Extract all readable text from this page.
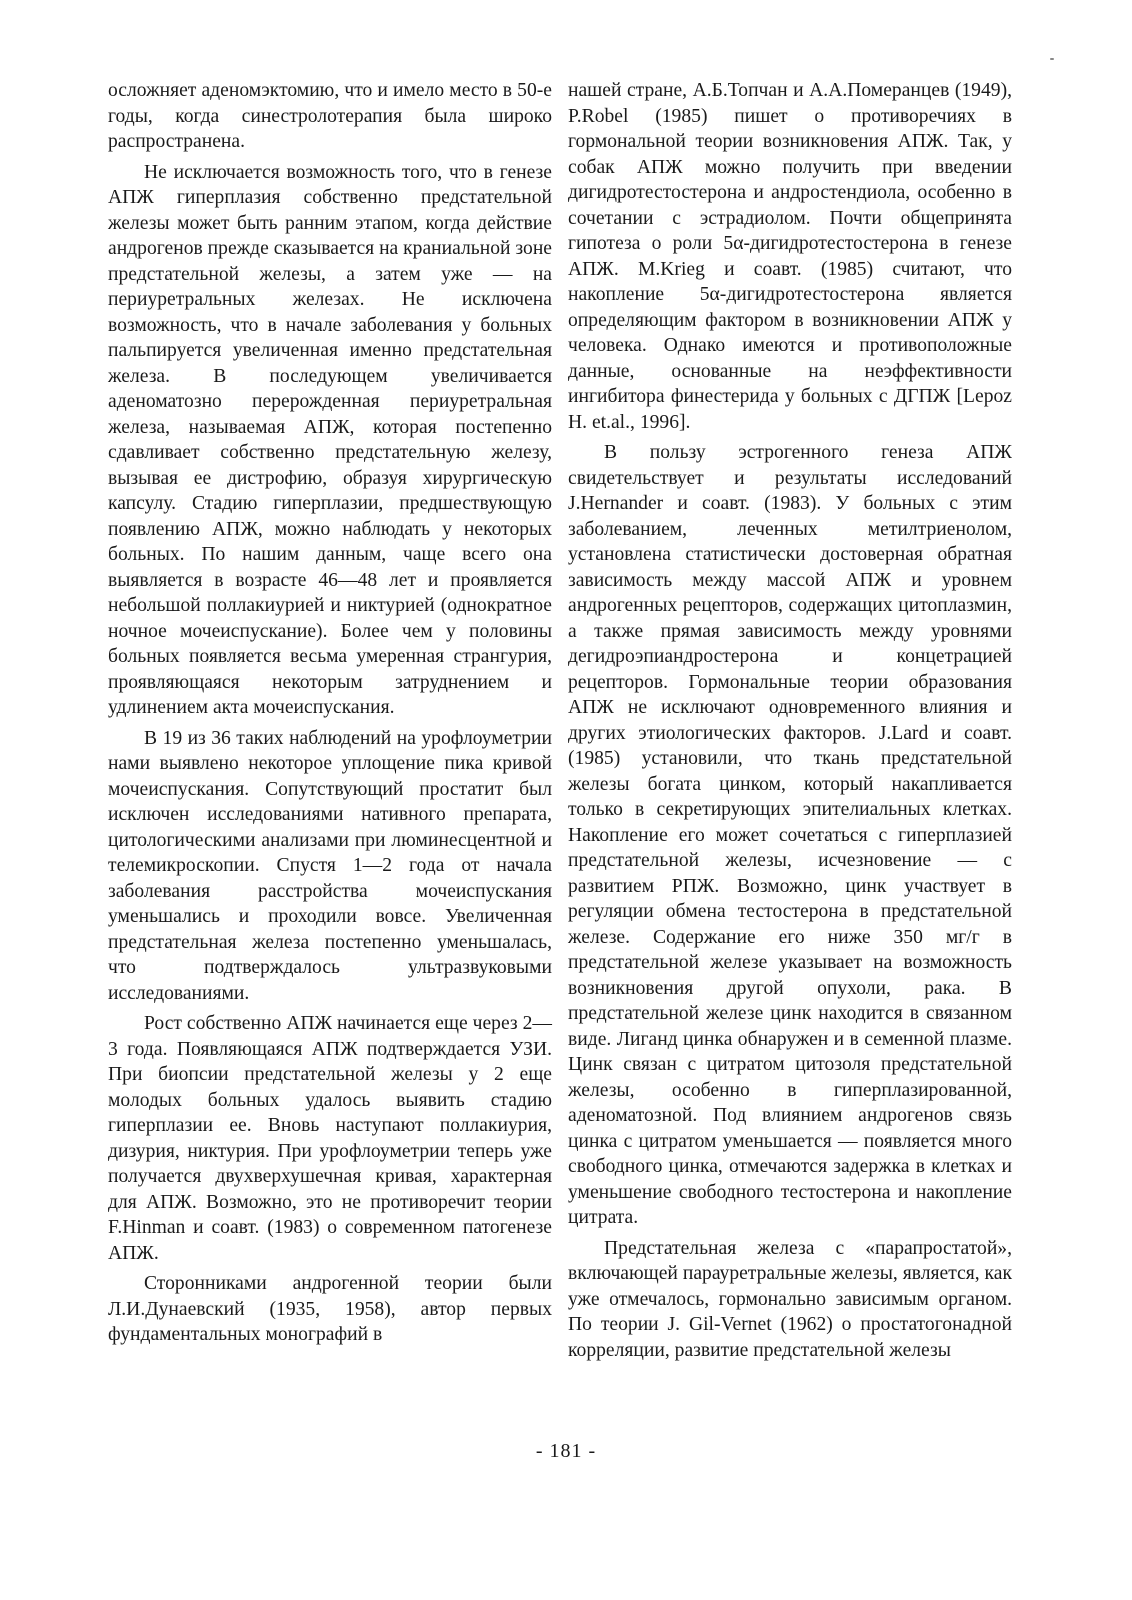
осложняет аденомэктомию, что и имело место в 50-е годы, когда синестролотерапия была широко распространена.

Не исключается возможность того, что в генезе АПЖ гиперплазия собственно предстательной железы может быть ранним этапом, когда действие андрогенов прежде сказывается на краниальной зоне предстательной железы, а затем уже — на периуретральных железах. Не исключена возможность, что в начале заболевания у больных пальпируется увеличенная именно предстательная железа. В последующем увеличивается аденоматозно перерожденная периуретральная железа, называемая АПЖ, которая постепенно сдавливает собственно предстательную железу, вызывая ее дистрофию, образуя хирургическую капсулу. Стадию гиперплазии, предшествующую появлению АПЖ, можно наблюдать у некоторых больных. По нашим данным, чаще всего она выявляется в возрасте 46—48 лет и проявляется небольшой поллакиурией и никтурией (однократное ночное мочеиспускание). Более чем у половины больных появляется весьма умеренная странгурия, проявляющаяся некоторым затруднением и удлинением акта мочеиспускания.

В 19 из 36 таких наблюдений на урофлоуметрии нами выявлено некоторое уплощение пика кривой мочеиспускания. Сопутствующий простатит был исключен исследованиями нативного препарата, цитологическими анализами при люминесцентной и телемикроскопии. Спустя 1—2 года от начала заболевания расстройства мочеиспускания уменьшались и проходили вовсе. Увеличенная предстательная железа постепенно уменьшалась, что подтверждалось ультразвуковыми исследованиями.

Рост собственно АПЖ начинается еще через 2—3 года. Появляющаяся АПЖ подтверждается УЗИ. При биопсии предстательной железы у 2 еще молодых больных удалось выявить стадию гиперплазии ее. Вновь наступают поллакиурия, дизурия, никтурия. При урофлоуметрии теперь уже получается двухверхушечная кривая, характерная для АПЖ. Возможно, это не противоречит теории F.Hinman и соавт. (1983) о современном патогенезе АПЖ.

Сторонниками андрогенной теории были Л.И.Дунаевский (1935, 1958), автор первых фундаментальных монографий в

нашей стране, А.Б.Топчан и А.А.Померанцев (1949), P.Robel (1985) пишет о противоречиях в гормональной теории возникновения АПЖ. Так, у собак АПЖ можно получить при введении дигидротестостерона и андростендиола, особенно в сочетании с эстрадиолом. Почти общепринята гипотеза о роли 5α-дигидротестостерона в генезе АПЖ. M.Krieg и соавт. (1985) считают, что накопление 5α-дигидротестостерона является определяющим фактором в возникновении АПЖ у человека. Однако имеются и противоположные данные, основанные на неэффективности ингибитора финестерида у больных с ДГПЖ [Lepoz H. et.al., 1996].

В пользу эстрогенного генеза АПЖ свидетельствует и результаты исследований J.Hernander и соавт. (1983). У больных с этим заболеванием, леченных метилтриенолом, установлена статистически достоверная обратная зависимость между массой АПЖ и уровнем андрогенных рецепторов, содержащих цитоплазмин, а также прямая зависимость между уровнями дегидроэпиандростерона и концетрацией рецепторов. Гормональные теории образования АПЖ не исключают одновременного влияния и других этиологических факторов. J.Lard и соавт. (1985) установили, что ткань предстательной железы богата цинком, который накапливается только в секретирующих эпителиальных клетках. Накопление его может сочетаться с гиперплазией предстательной железы, исчезновение — с развитием РПЖ. Возможно, цинк участвует в регуляции обмена тестостерона в предстательной железе. Содержание его ниже 350 мг/г в предстательной железе указывает на возможность возникновения другой опухоли, рака. В предстательной железе цинк находится в связанном виде. Лиганд цинка обнаружен и в семенной плазме. Цинк связан с цитратом цитозоля предстательной железы, особенно в гиперплазированной, аденоматозной. Под влиянием андрогенов связь цинка с цитратом уменьшается — появляется много свободного цинка, отмечаются задержка в клетках и уменьшение свободного тестостерона и накопление цитрата.

Предстательная железа с «парапростатой», включающей парауретральные железы, является, как уже отмечалось, гормонально зависимым органом. По теории J. Gil-Vernet (1962) о простатогонадной корреляции, развитие предстательной железы

- 181 -
